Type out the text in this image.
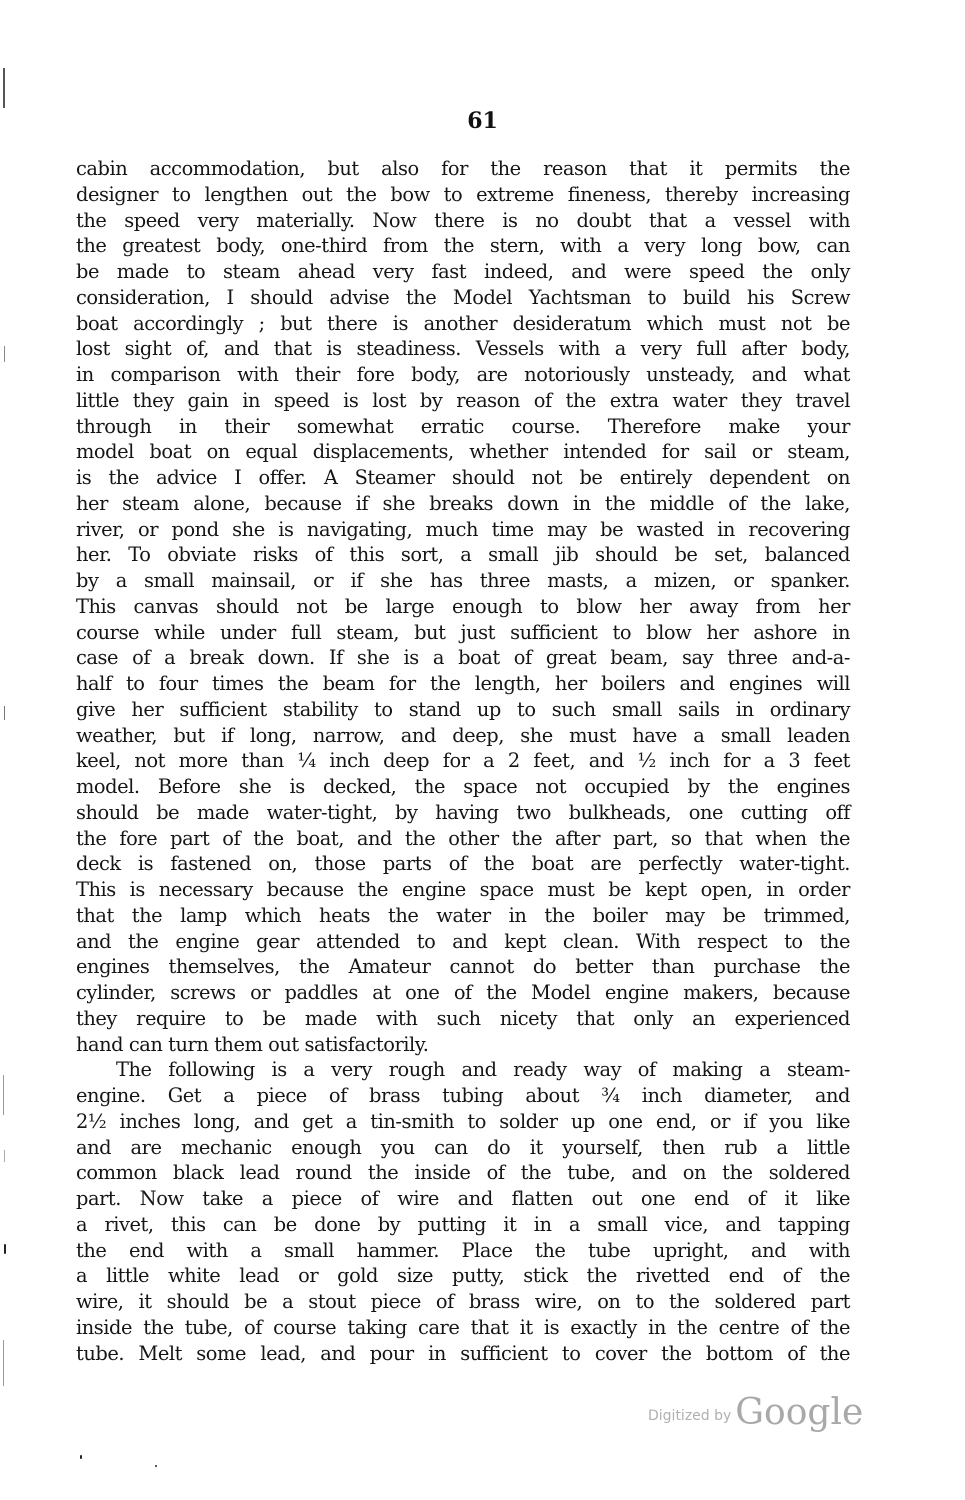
61
cabin accommodation, but also for the reason that it permits the
designer to lengthen out the bow to extreme fineness, thereby increasing
the speed very materially. Now there is no doubt that a vessel with
the greatest body, one-third from the stern, with a very long bow, can
be made to steam ahead very fast indeed, and were speed the only
consideration, I should advise the Model Yachtsman to build his Screw
boat accordingly ; but there is another desideratum which must not be
lost sight of, and that is steadiness. Vessels with a very full after body,
in comparison with their fore body, are notoriously unsteady, and what
little they gain in speed is lost by reason of the extra water they travel
through in their somewhat erratic course. Therefore make your
model boat on equal displacements, whether intended for sail or steam,
is the advice I offer. A Steamer should not be entirely dependent on
her steam alone, because if she breaks down in the middle of the lake,
river, or pond she is navigating, much time may be wasted in recovering
her. To obviate risks of this sort, a small jib should be set, balanced
by a small mainsail, or if she has three masts, a mizen, or spanker.
This canvas should not be large enough to blow her away from her
course while under full steam, but just sufficient to blow her ashore in
case of a break down. If she is a boat of great beam, say three and-a-
half to four times the beam for the length, her boilers and engines will
give her sufficient stability to stand up to such small sails in ordinary
weather, but if long, narrow, and deep, she must have a small leaden
keel, not more than ¼ inch deep for a 2 feet, and ½ inch for a 3 feet
model. Before she is decked, the space not occupied by the engines
should be made water-tight, by having two bulkheads, one cutting off
the fore part of the boat, and the other the after part, so that when the
deck is fastened on, those parts of the boat are perfectly water-tight.
This is necessary because the engine space must be kept open, in order
that the lamp which heats the water in the boiler may be trimmed,
and the engine gear attended to and kept clean. With respect to the
engines themselves, the Amateur cannot do better than purchase the
cylinder, screws or paddles at one of the Model engine makers, because
they require to be made with such nicety that only an experienced
hand can turn them out satisfactorily.
The following is a very rough and ready way of making a steam-
engine. Get a piece of brass tubing about ¾ inch diameter, and
2½ inches long, and get a tin-smith to solder up one end, or if you like
and are mechanic enough you can do it yourself, then rub a little
common black lead round the inside of the tube, and on the soldered
part. Now take a piece of wire and flatten out one end of it like
a rivet, this can be done by putting it in a small vice, and tapping
the end with a small hammer. Place the tube upright, and with
a little white lead or gold size putty, stick the rivetted end of the
wire, it should be a stout piece of brass wire, on to the soldered part
inside the tube, of course taking care that it is exactly in the centre of the
tube. Melt some lead, and pour in sufficient to cover the bottom of the
Digitized by Google
